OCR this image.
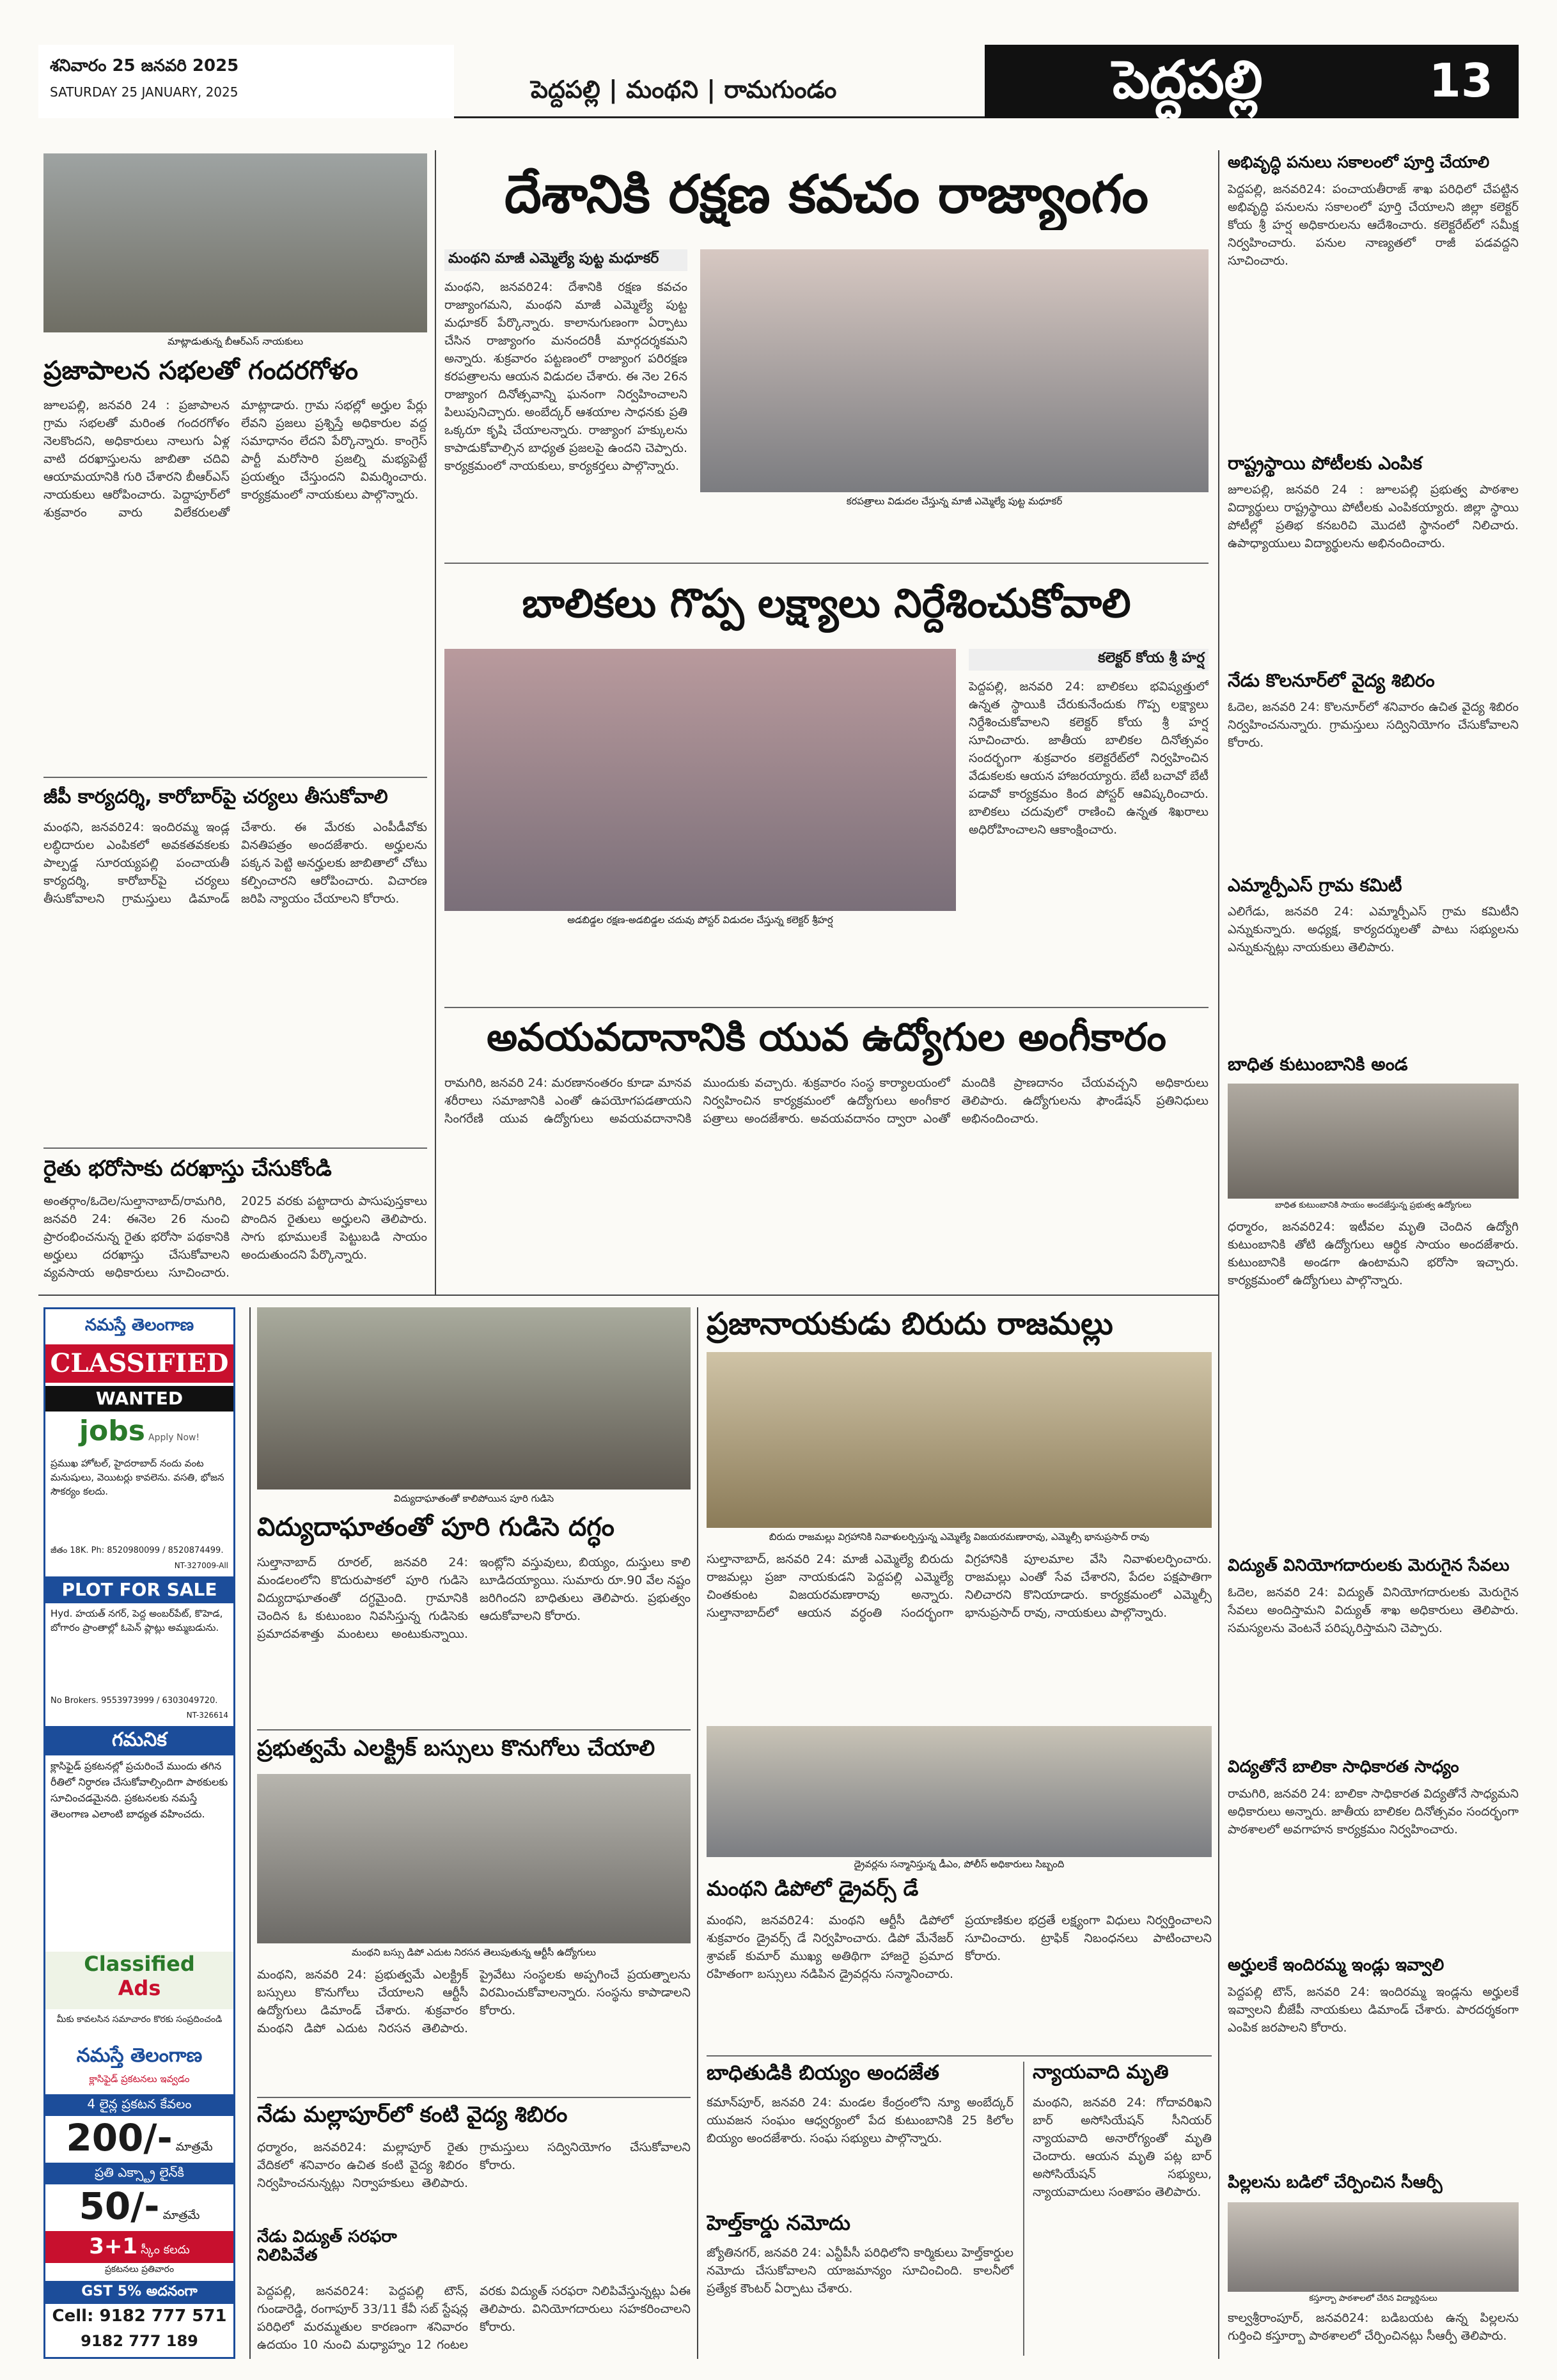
శనివారం 25 జనవరి 2025
SATURDAY 25 JANUARY, 2025	పెద్దపల్లి | మంథని | రామగుండం	పెద్దపల్లి	13
మాట్లాడుతున్న బీఆర్ఎస్ నాయకులు
ప్రజాపాలన సభలతో గందరగోళం
జూలపల్లి, జనవరి 24 : ప్రజాపాలన గ్రామ సభలతో మరింత గందరగోళం నెలకొందని, అధికారులు నాలుగు ఏళ్ల వాటి దరఖాస్తులను జాబితా చదివి ఆయామయానికి గురి చేశారని బీఆర్ఎస్ నాయకులు ఆరోపించారు. పెద్దాపూర్‌లో శుక్రవారం వారు విలేకరులతో మాట్లాడారు. గ్రామ సభల్లో అర్హుల పేర్లు లేవని ప్రజలు ప్రశ్నిస్తే అధికారుల వద్ద సమాధానం లేదని పేర్కొన్నారు. కాంగ్రెస్ పార్టీ మరోసారి ప్రజల్ని మభ్యపెట్టే ప్రయత్నం చేస్తుందని విమర్శించారు. కార్యక్రమంలో నాయకులు పాల్గొన్నారు.
జీపీ కార్యదర్శి, కారోబార్‌పై చర్యలు తీసుకోవాలి
మంథని, జనవరి24: ఇందిరమ్మ ఇండ్ల లబ్ధిదారుల ఎంపికలో అవకతవకలకు పాల్పడ్డ సూరయ్యపల్లి పంచాయతీ కార్యదర్శి, కారోబార్‌పై చర్యలు తీసుకోవాలని గ్రామస్తులు డిమాండ్ చేశారు. ఈ మేరకు ఎంపీడీవోకు వినతిపత్రం అందజేశారు. అర్హులను పక్కన పెట్టి అనర్హులకు జాబితాలో చోటు కల్పించారని ఆరోపించారు. విచారణ జరిపి న్యాయం చేయాలని కోరారు.
రైతు భరోసాకు దరఖాస్తు చేసుకోండి
అంతర్గాం/ఓదెల/సుల్తానాబాద్/రామగిరి, జనవరి 24: ఈనెల 26 నుంచి ప్రారంభించనున్న రైతు భరోసా పథకానికి అర్హులు దరఖాస్తు చేసుకోవాలని వ్యవసాయ అధికారులు సూచించారు. 2025 వరకు పట్టాదారు పాసుపుస్తకాలు పొందిన రైతులు అర్హులని తెలిపారు. సాగు భూములకే పెట్టుబడి సాయం అందుతుందని పేర్కొన్నారు.
దేశానికి రక్షణ కవచం రాజ్యాంగం
మంథని మాజీ ఎమ్మెల్యే పుట్ట మధూకర్
మంథని, జనవరి24: దేశానికి రక్షణ కవచం రాజ్యాంగమని, మంథని మాజీ ఎమ్మెల్యే పుట్ట మధూకర్ పేర్కొన్నారు. కాలానుగుణంగా ఏర్పాటు చేసిన రాజ్యాంగం మనందరికీ మార్గదర్శకమని అన్నారు. శుక్రవారం పట్టణంలో రాజ్యాంగ పరిరక్షణ కరపత్రాలను ఆయన విడుదల చేశారు. ఈ నెల 26న రాజ్యాంగ దినోత్సవాన్ని ఘనంగా నిర్వహించాలని పిలుపునిచ్చారు. అంబేద్కర్ ఆశయాల సాధనకు ప్రతి ఒక్కరూ కృషి చేయాలన్నారు. రాజ్యాంగ హక్కులను కాపాడుకోవాల్సిన బాధ్యత ప్రజలపై ఉందని చెప్పారు. కార్యక్రమంలో నాయకులు, కార్యకర్తలు పాల్గొన్నారు.
కరపత్రాలు విడుదల చేస్తున్న మాజీ ఎమ్మెల్యే పుట్ట మధూకర్
బాలికలు గొప్ప లక్ష్యాలు నిర్దేశించుకోవాలి
అడబిడ్డల రక్షణ-అడబిడ్డల చదువు పోస్టర్ విడుదల చేస్తున్న కలెక్టర్ శ్రీహర్ష
కలెక్టర్ కోయ శ్రీ హర్ష
పెద్దపల్లి, జనవరి 24: బాలికలు భవిష్యత్తులో ఉన్నత స్థాయికి చేరుకునేందుకు గొప్ప లక్ష్యాలు నిర్దేశించుకోవాలని కలెక్టర్ కోయ శ్రీ హర్ష సూచించారు. జాతీయ బాలికల దినోత్సవం సందర్భంగా శుక్రవారం కలెక్టరేట్‌లో నిర్వహించిన వేడుకలకు ఆయన హాజరయ్యారు. బేటీ బచావో బేటీ పడావో కార్యక్రమం కింద పోస్టర్ ఆవిష్కరించారు. బాలికలు చదువులో రాణించి ఉన్నత శిఖరాలు అధిరోహించాలని ఆకాంక్షించారు.
అవయవదానానికి యువ ఉద్యోగుల అంగీకారం
రామగిరి, జనవరి 24: మరణానంతరం కూడా మానవ శరీరాలు సమాజానికి ఎంతో ఉపయోగపడతాయని సింగరేణి యువ ఉద్యోగులు అవయవదానానికి ముందుకు వచ్చారు. శుక్రవారం సంస్థ కార్యాలయంలో నిర్వహించిన కార్యక్రమంలో ఉద్యోగులు అంగీకార పత్రాలు అందజేశారు. అవయవదానం ద్వారా ఎంతో మందికి ప్రాణదానం చేయవచ్చని అధికారులు తెలిపారు. ఉద్యోగులను ఫౌండేషన్ ప్రతినిధులు అభినందించారు.
నమస్తే తెలంగాణ
CLASSIFIED
WANTED
jobs Apply Now!
ప్రముఖ హోటల్, హైదరాబాద్ నందు వంట మనుషులు, వెయిటర్లు కావలెను. వసతి, భోజన సౌకర్యం కలదు.
జీతం 18K. Ph: 8520980099 / 8520874499.
NT-327009-All
PLOT FOR SALE
Hyd. హయత్ నగర్, పెద్ద అంబర్‌పేట్, కొహెడ, బోగారం ప్రాంతాల్లో ఓపెన్ ప్లాట్లు అమ్మబడును.
No Brokers. 9553973999 / 6303049720.
NT-326614
గమనిక
క్లాసిఫైడ్ ప్రకటనల్లో ప్రచురించే ముందు తగిన రీతిలో నిర్ధారణ చేసుకోవాల్సిందిగా పాఠకులకు సూచించడమైనది. ప్రకటనలకు నమస్తే తెలంగాణ ఎలాంటి బాధ్యత వహించదు.
Classified
Ads
మీకు కావలసిన సమాచారం కొరకు సంప్రదించండి
నమస్తే తెలంగాణ
క్లాసిఫైడ్ ప్రకటనలు ఇవ్వడం
4 లైన్ల ప్రకటన కేవలం
200/- మాత్రమే
ప్రతి ఎక్స్ట్రా లైన్‌కి
50/- మాత్రమే
3+1 స్కీం కలదు
ప్రకటనలు ప్రతివారం
GST 5% అదనంగా
Cell: 9182 777 571
9182 777 189
విద్యుదాఘాతంతో కాలిపోయిన పూరి గుడిసె
విద్యుదాఘాతంతో పూరి గుడిసె దగ్ధం
సుల్తానాబాద్ రూరల్, జనవరి 24: మండలంలోని కొదురుపాకలో పూరి గుడిసె విద్యుదాఘాతంతో దగ్ధమైంది. గ్రామానికి చెందిన ఓ కుటుంబం నివసిస్తున్న గుడిసెకు ప్రమాదవశాత్తు మంటలు అంటుకున్నాయి. ఇంట్లోని వస్తువులు, బియ్యం, దుస్తులు కాలి బూడిదయ్యాయి. సుమారు రూ.90 వేల నష్టం జరిగిందని బాధితులు తెలిపారు. ప్రభుత్వం ఆదుకోవాలని కోరారు.
ప్రభుత్వమే ఎలక్ట్రిక్ బస్సులు కొనుగోలు చేయాలి
మంథని బస్సు డిపో ఎదుట నిరసన తెలుపుతున్న ఆర్టీసీ ఉద్యోగులు
మంథని, జనవరి 24: ప్రభుత్వమే ఎలక్ట్రిక్ బస్సులు కొనుగోలు చేయాలని ఆర్టీసీ ఉద్యోగులు డిమాండ్ చేశారు. శుక్రవారం మంథని డిపో ఎదుట నిరసన తెలిపారు. ప్రైవేటు సంస్థలకు అప్పగించే ప్రయత్నాలను విరమించుకోవాలన్నారు. సంస్థను కాపాడాలని కోరారు.
నేడు మల్లాపూర్‌లో కంటి వైద్య శిబిరం
ధర్మారం, జనవరి24: మల్లాపూర్ రైతు వేదికలో శనివారం ఉచిత కంటి వైద్య శిబిరం నిర్వహించనున్నట్లు నిర్వాహకులు తెలిపారు. గ్రామస్తులు సద్వినియోగం చేసుకోవాలని కోరారు.
నేడు విద్యుత్ సరఫరా నిలిపివేత
పెద్దపల్లి, జనవరి24: పెద్దపల్లి టౌన్, గుండారెడ్డి, రంగాపూర్ 33/11 కేవీ సబ్ స్టేషన్ల పరిధిలో మరమ్మతుల కారణంగా శనివారం ఉదయం 10 నుంచి మధ్యాహ్నం 12 గంటల వరకు విద్యుత్ సరఫరా నిలిపివేస్తున్నట్లు ఏఈ తెలిపారు. వినియోగదారులు సహకరించాలని కోరారు.
ప్రజానాయకుడు బిరుదు రాజమల్లు
బిరుదు రాజమల్లు విగ్రహానికి నివాళులర్పిస్తున్న ఎమ్మెల్యే విజయరమణారావు, ఎమ్మెల్సీ భానుప్రసాద్ రావు
సుల్తానాబాద్, జనవరి 24: మాజీ ఎమ్మెల్యే బిరుదు రాజమల్లు ప్రజా నాయకుడని పెద్దపల్లి ఎమ్మెల్యే చింతకుంట విజయరమణారావు అన్నారు. సుల్తానాబాద్‌లో ఆయన వర్ధంతి సందర్భంగా విగ్రహానికి పూలమాల వేసి నివాళులర్పించారు. రాజమల్లు ఎంతో సేవ చేశారని, పేదల పక్షపాతిగా నిలిచారని కొనియాడారు. కార్యక్రమంలో ఎమ్మెల్సీ భానుప్రసాద్ రావు, నాయకులు పాల్గొన్నారు.
డ్రైవర్లను సన్మానిస్తున్న డీఎం, పోలీస్ అధికారులు సిబ్బంది
మంథని డిపోలో డ్రైవర్స్ డే
మంథని, జనవరి24: మంథని ఆర్టీసీ డిపోలో శుక్రవారం డ్రైవర్స్ డే నిర్వహించారు. డిపో మేనేజర్ శ్రావణ్ కుమార్ ముఖ్య అతిథిగా హాజరై ప్రమాద రహితంగా బస్సులు నడిపిన డ్రైవర్లను సన్మానించారు. ప్రయాణికుల భద్రతే లక్ష్యంగా విధులు నిర్వర్తించాలని సూచించారు. ట్రాఫిక్ నిబంధనలు పాటించాలని కోరారు.
బాధితుడికి బియ్యం అందజేత
కమాన్‌పూర్, జనవరి 24: మండల కేంద్రంలోని న్యూ అంబేద్కర్ యువజన సంఘం ఆధ్వర్యంలో పేద కుటుంబానికి 25 కిలోల బియ్యం అందజేశారు. సంఘ సభ్యులు పాల్గొన్నారు.
హెల్త్‌కార్డు నమోదు
జ్యోతినగర్, జనవరి 24: ఎన్టీపీసీ పరిధిలోని కార్మికులు హెల్త్‌కార్డుల నమోదు చేసుకోవాలని యాజమాన్యం సూచించింది. కాలనీలో ప్రత్యేక కౌంటర్ ఏర్పాటు చేశారు.
న్యాయవాది మృతి
మంథని, జనవరి 24: గోదావరిఖని బార్ అసోసియేషన్ సీనియర్ న్యాయవాది అనారోగ్యంతో మృతి చెందారు. ఆయన మృతి పట్ల బార్ అసోసియేషన్ సభ్యులు, న్యాయవాదులు సంతాపం తెలిపారు.
అభివృద్ధి పనులు సకాలంలో పూర్తి చేయాలి
పెద్దపల్లి, జనవరి24: పంచాయతీరాజ్ శాఖ పరిధిలో చేపట్టిన అభివృద్ధి పనులను సకాలంలో పూర్తి చేయాలని జిల్లా కలెక్టర్ కోయ శ్రీ హర్ష అధికారులను ఆదేశించారు. కలెక్టరేట్‌లో సమీక్ష నిర్వహించారు. పనుల నాణ్యతలో రాజీ పడవద్దని సూచించారు.
రాష్ట్రస్థాయి పోటీలకు ఎంపిక
జూలపల్లి, జనవరి 24 : జూలపల్లి ప్రభుత్వ పాఠశాల విద్యార్థులు రాష్ట్రస్థాయి పోటీలకు ఎంపికయ్యారు. జిల్లా స్థాయి పోటీల్లో ప్రతిభ కనబరిచి మొదటి స్థానంలో నిలిచారు. ఉపాధ్యాయులు విద్యార్థులను అభినందించారు.
నేడు కొలనూర్‌లో వైద్య శిబిరం
ఓదెల, జనవరి 24: కొలనూర్‌లో శనివారం ఉచిత వైద్య శిబిరం నిర్వహించనున్నారు. గ్రామస్తులు సద్వినియోగం చేసుకోవాలని కోరారు.
ఎమ్మార్పీఎస్ గ్రామ కమిటీ
ఎలిగేడు, జనవరి 24: ఎమ్మార్పీఎస్ గ్రామ కమిటీని ఎన్నుకున్నారు. అధ్యక్ష, కార్యదర్శులతో పాటు సభ్యులను ఎన్నుకున్నట్లు నాయకులు తెలిపారు.
బాధిత కుటుంబానికి అండ
బాధిత కుటుంబానికి సాయం అందజేస్తున్న ప్రభుత్వ ఉద్యోగులు
ధర్మారం, జనవరి24: ఇటీవల మృతి చెందిన ఉద్యోగి కుటుంబానికి తోటి ఉద్యోగులు ఆర్థిక సాయం అందజేశారు. కుటుంబానికి అండగా ఉంటామని భరోసా ఇచ్చారు. కార్యక్రమంలో ఉద్యోగులు పాల్గొన్నారు.
విద్యుత్ వినియోగదారులకు మెరుగైన సేవలు
ఓదెల, జనవరి 24: విద్యుత్ వినియోగదారులకు మెరుగైన సేవలు అందిస్తామని విద్యుత్ శాఖ అధికారులు తెలిపారు. సమస్యలను వెంటనే పరిష్కరిస్తామని చెప్పారు.
విద్యతోనే బాలికా సాధికారత సాధ్యం
రామగిరి, జనవరి 24: బాలికా సాధికారత విద్యతోనే సాధ్యమని అధికారులు అన్నారు. జాతీయ బాలికల దినోత్సవం సందర్భంగా పాఠశాలలో అవగాహన కార్యక్రమం నిర్వహించారు.
అర్హులకే ఇందిరమ్మ ఇండ్లు ఇవ్వాలి
పెద్దపల్లి టౌన్, జనవరి 24: ఇందిరమ్మ ఇండ్లను అర్హులకే ఇవ్వాలని బీజేపీ నాయకులు డిమాండ్ చేశారు. పారదర్శకంగా ఎంపిక జరపాలని కోరారు.
పిల్లలను బడిలో చేర్పించిన సీఆర్పీ
కస్తూర్బా పాఠశాలలో చేరిన విద్యార్థినులు
కాల్వశ్రీరాంపూర్, జనవరి24: బడిబయట ఉన్న పిల్లలను గుర్తించి కస్తూర్బా పాఠశాలలో చేర్పించినట్లు సీఆర్పీ తెలిపారు.
